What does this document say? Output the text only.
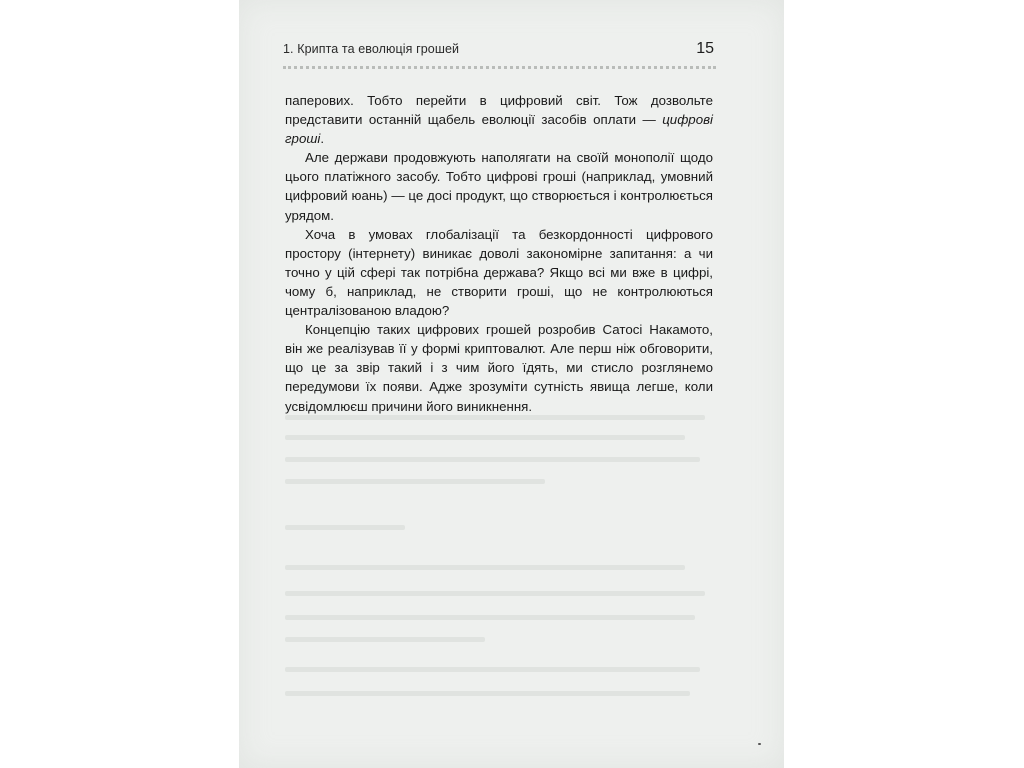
1. Крипта та еволюція грошей	15

паперових. Тобто перейти в цифровий світ. Тож дозвольте представити останній щабель еволюції засобів оплати — цифрові гроші.

Але держави продовжують наполягати на своїй монополії щодо цього платіжного засобу. Тобто цифрові гроші (наприклад, умовний цифровий юань) — це досі продукт, що створюється і контролюється урядом.

Хоча в умовах глобалізації та безкордонності цифрового простору (інтернету) виникає доволі закономірне запитання: а чи точно у цій сфері так потрібна держава? Якщо всі ми вже в цифрі, чому б, наприклад, не створити гроші, що не контролюються централізованою владою?

Концепцію таких цифрових грошей розробив Сатосі Накамото, він же реалізував її у формі криптовалют. Але перш ніж обговорити, що це за звір такий і з чим його їдять, ми стисло розглянемо передумови їх появи. Адже зрозуміти сутність явища легше, коли усвідомлюєш причини його виникнення.
